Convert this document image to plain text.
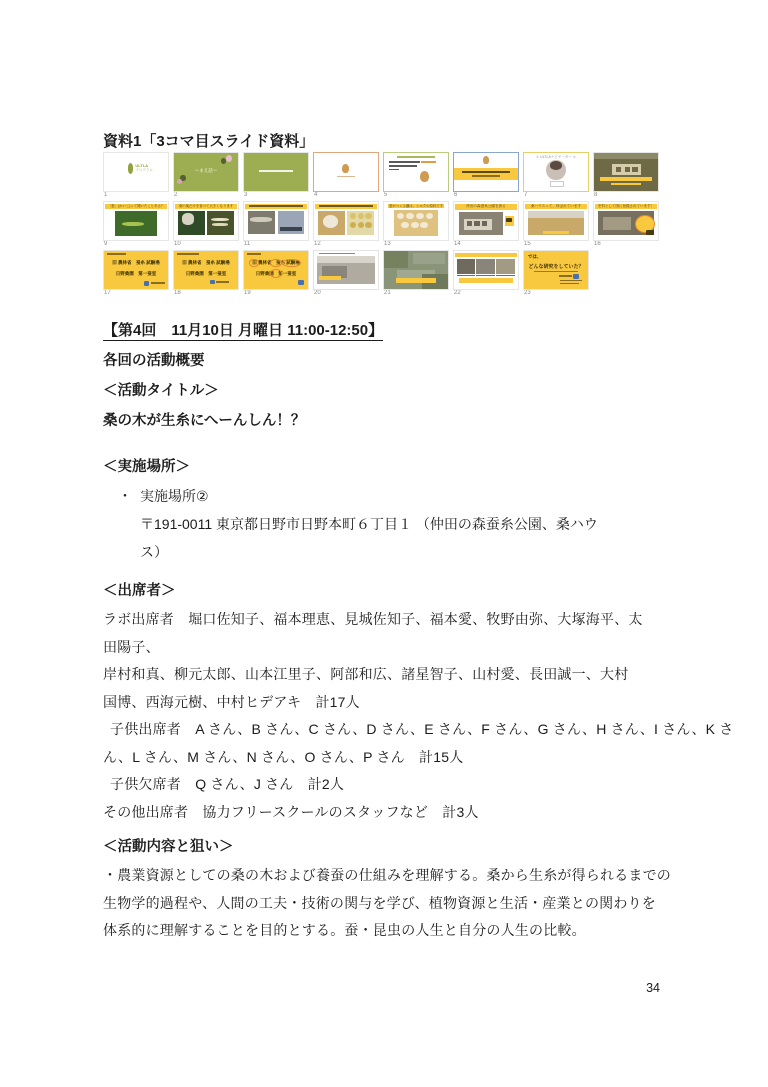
資料1「3コマ目スライド資料」
ULTLA
プログラム
1
〜まえ話〜
2	3	4	5	6
＊ ULTLAナビゲーター ＊
7	8
「蚕」(かいこ)って聞いたことある？
9
桑の葉だけを食べて大きくなります
10	11	12
蚕がつくる繭は、シルクの原料です
13
仲田の森蚕糸公園を探る
14
桑ハウスって、呼ばれています
15
史料として国に登録されています！
16
旧 農林省　蚕糸 試験場
日野桑園　第一蚕室
17
旧 農林省　蚕糸 試験場
日野桑園　第一蚕室
18
旧 農林省　蚕糸 試験場
日野桑園　第一蚕室
19	20	21	22
では、
どんな研究をしていた？
23
【第4回　11月10日 月曜日 11:00-12:50】
各回の活動概要
＜活動タイトル＞
桑の木が生糸にへーんしん！？
＜実施場所＞
・ 実施場所②
〒191-0011 東京都日野市日野本町６丁目１ （仲田の森蚕糸公園、桑ハウ
ス）
＜出席者＞
ラボ出席者　堀口佐知子、福本理恵、見城佐知子、福本愛、牧野由弥、大塚海平、太
田陽子、
岸村和真、柳元太郎、山本江里子、阿部和広、諸星智子、山村愛、長田誠一、大村
国博、西海元樹、中村ヒデアキ　計17人
子供出席者　A さん、B さん、C さん、D さん、E さん、F さん、G さん、H さん、I さん、K さ
ん、L さん、M さん、N さん、O さん、P さん　計15人
子供欠席者　Q さん、J さん　計2人
その他出席者　協力フリースクールのスタッフなど　計3人
＜活動内容と狙い＞
・農業資源としての桑の木および養蚕の仕組みを理解する。桑から生糸が得られるまでの
生物学的過程や、人間の工夫・技術の関与を学び、植物資源と生活・産業との関わりを
体系的に理解することを目的とする。蚕・昆虫の人生と自分の人生の比較。
34
